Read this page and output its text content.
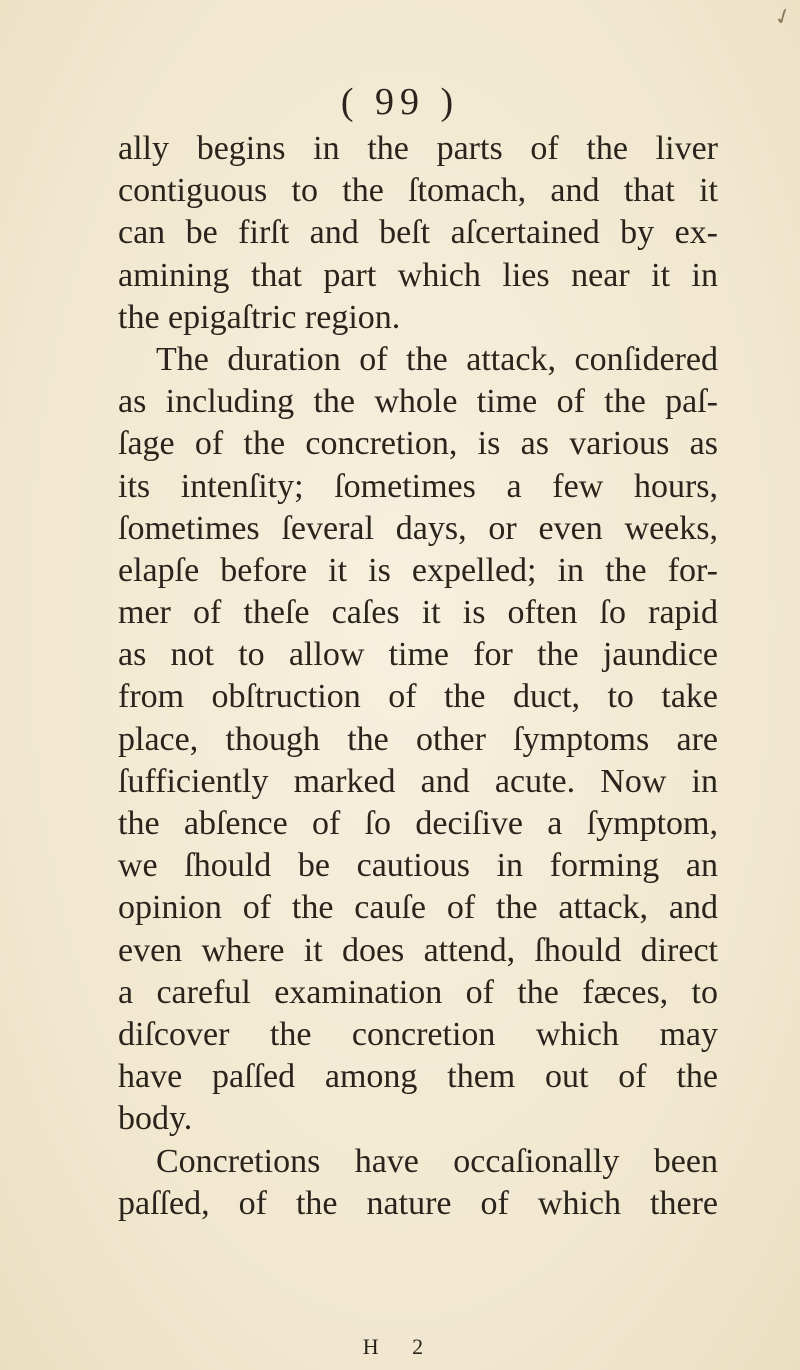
✓
( 99 )
ally begins in the parts of the liver
contiguous to the ſtomach, and that it
can be firſt and beſt aſcertained by ex-
amining that part which lies near it in
the epigaſtric region.
The duration of the attack, conſidered
as including the whole time of the paſ-
ſage of the concretion, is as various as
its intenſity; ſometimes a few hours,
ſometimes ſeveral days, or even weeks,
elapſe before it is expelled; in the for-
mer of theſe caſes it is often ſo rapid
as not to allow time for the jaundice
from obſtruction of the duct, to take
place, though the other ſymptoms are
ſufficiently marked and acute. Now in
the abſence of ſo deciſive a ſymptom,
we ſhould be cautious in forming an
opinion of the cauſe of the attack, and
even where it does attend, ſhould direct
a careful examination of the fæces, to
diſcover the concretion which may
have paſſed among them out of the
body.
Concretions have occaſionally been
paſſed, of the nature of which there
H 2
